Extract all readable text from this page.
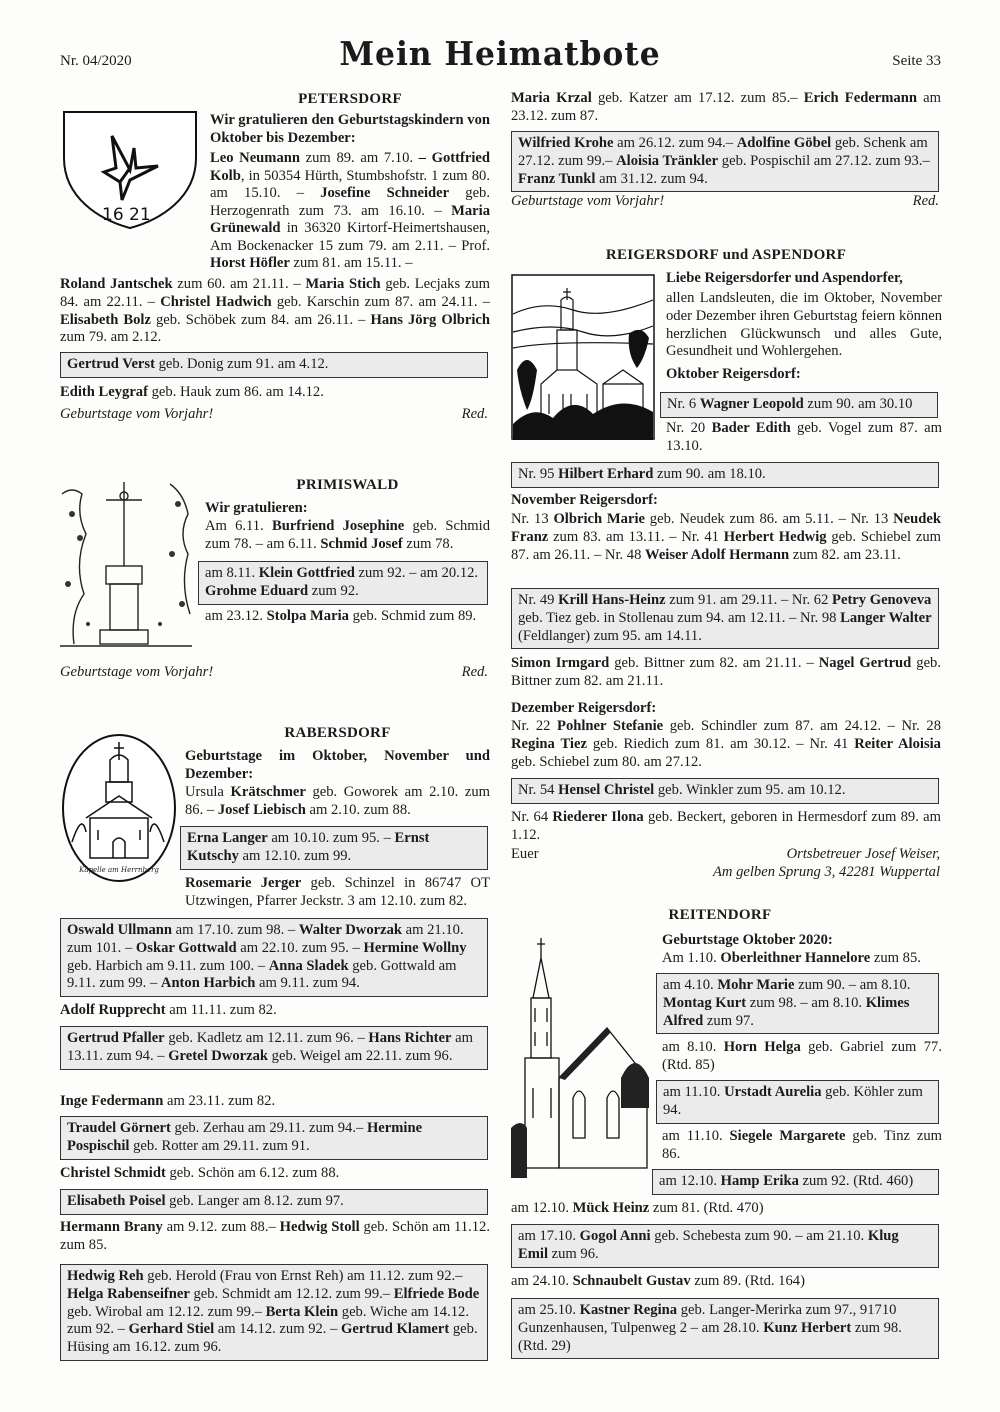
Nr. 04/2020	Mein Heimatbote	Seite 33
16 21
PETERSDORF

Wir gratulieren den Geburtstagskindern von Oktober bis Dezember:

Leo Neumann zum 89. am 7.10. – Gottfried Kolb, in 50354 Hürth, Stumbshofstr. 1 zum 80. am 15.10. – Josefine Schneider geb. Herzogenrath zum 73. am 16.10. – Maria Grünewald in 36320 Kirtorf-Heimertshausen, Am Bockenacker 15 zum 79. am 2.11. – Prof. Horst Höfler zum 81. am 15.11. –

Roland Jantschek zum 60. am 21.11. – Maria Stich geb. Lecjaks zum 84. am 22.11. – Christel Hadwich geb. Karschin zum 87. am 24.11. – Elisabeth Bolz geb. Schöbek zum 84. am 26.11. – Hans Jörg Olbrich zum 79. am 2.12.

Gertrud Verst geb. Donig zum 91. am 4.12.

Edith Leygraf geb. Hauk zum 86. am 14.12.

Geburtstage vom Vorjahr!	Red.
PRIMISWALD

Wir gratulieren:

Am 6.11. Burfriend Josephine geb. Schmid zum 78. – am 6.11. Schmid Josef zum 78.

am 8.11. Klein Gottfried zum 92. – am 20.12. Grohme Eduard zum 92.

am 23.12. Stolpa Maria geb. Schmid zum 89.

Geburtstage vom Vorjahr!	Red.
Kapelle am Herrnberg
RABERSDORF

Geburtstage im Oktober, November und Dezember:

Ursula Krätschmer geb. Goworek am 2.10. zum 86. – Josef Liebisch am 2.10. zum 88.

Erna Langer am 10.10. zum 95. – Ernst Kutschy am 12.10. zum 99.

Rosemarie Jerger geb. Schinzel in 86747 OT Utzwingen, Pfarrer Jeckstr. 3 am 12.10. zum 82.

Oswald Ullmann am 17.10. zum 98. – Walter Dworzak am 21.10. zum 101. – Oskar Gottwald am 22.10. zum 95. – Hermine Wollny geb. Harbich am 9.11. zum 100. – Anna Sladek geb. Gottwald am 9.11. zum 99. – Anton Harbich am 9.11. zum 94.

Adolf Rupprecht am 11.11. zum 82.

Gertrud Pfaller geb. Kadletz am 12.11. zum 96. – Hans Richter am 13.11. zum 94. – Gretel Dworzak geb. Weigel am 22.11. zum 96.

Inge Federmann am 23.11. zum 82.

Traudel Görnert geb. Zerhau am 29.11. zum 94.– Hermine Pospischil geb. Rotter am 29.11. zum 91.

Christel Schmidt geb. Schön am 6.12. zum 88.

Elisabeth Poisel geb. Langer am 8.12. zum 97.

Hermann Brany am 9.12. zum 88.– Hedwig Stoll geb. Schön am 11.12. zum 85.

Hedwig Reh geb. Herold (Frau von Ernst Reh) am 11.12. zum 92.– Helga Rabenseifner geb. Schmidt am 12.12. zum 99.– Elfriede Bode geb. Wirobal am 12.12. zum 99.– Berta Klein geb. Wiche am 14.12. zum 92. – Gerhard Stiel am 14.12. zum 92. – Gertrud Klamert geb. Hüsing am 16.12. zum 96.

Maria Krzal geb. Katzer am 17.12. zum 85.– Erich Federmann am 23.12. zum 87.

Wilfried Krohe am 26.12. zum 94.– Adolfine Göbel geb. Schenk am 27.12. zum 99.– Aloisia Tränkler geb. Pospischil am 27.12. zum 93.– Franz Tunkl am 31.12. zum 94.
Geburtstage vom Vorjahr!	Red.
REIGERSDORF und ASPENDORF

Liebe Reigersdorfer und Aspendorfer,

allen Landsleuten, die im Oktober, November oder Dezember ihren Geburtstag feiern können herzlichen Glückwunsch und alles Gute, Gesundheit und Wohlergehen.

Oktober Reigersdorf:

Nr. 6 Wagner Leopold zum 90. am 30.10

Nr. 20 Bader Edith geb. Vogel zum 87. am 13.10.

Nr. 95 Hilbert Erhard zum 90. am 18.10.

November Reigersdorf:

Nr. 13 Olbrich Marie geb. Neudek zum 86. am 5.11. – Nr. 13 Neudek Franz zum 83. am 13.11. – Nr. 41 Herbert Hedwig geb. Schiebel zum 87. am 26.11. – Nr. 48 Weiser Adolf Hermann zum 82. am 23.11.

Nr. 49 Krill Hans-Heinz zum 91. am 29.11. – Nr. 62 Petry Genoveva geb. Tiez geb. in Stollenau zum 94. am 12.11. – Nr. 98 Langer Walter (Feldlanger) zum 95. am 14.11.

Simon Irmgard geb. Bittner zum 82. am 21.11. – Nagel Gertrud geb. Bittner zum 82. am 21.11.

Dezember Reigersdorf:

Nr. 22 Pohlner Stefanie geb. Schindler zum 87. am 24.12. – Nr. 28 Regina Tiez geb. Riedich zum 81. am 30.12. – Nr. 41 Reiter Aloisia geb. Schiebel zum 80. am 27.12.

Nr. 54 Hensel Christel geb. Winkler zum 95. am 10.12.

Nr. 64 Riederer Ilona geb. Beckert, geboren in Hermesdorf zum 89. am 1.12.

Euer	Ortsbetreuer Josef Weiser,
Am gelben Sprung 3, 42281 Wuppertal
REITENDORF

Geburtstage Oktober 2020:

Am 1.10. Oberleithner Hannelore zum 85.

am 4.10. Mohr Marie zum 90. – am 8.10. Montag Kurt zum 98. – am 8.10. Klimes Alfred zum 97.

am 8.10. Horn Helga geb. Gabriel zum 77. (Rtd. 85)

am 11.10. Urstadt Aurelia geb. Köhler zum 94.

am 11.10. Siegele Margarete geb. Tinz zum 86.

am 12.10. Hamp Erika zum 92. (Rtd. 460)

am 12.10. Mück Heinz zum 81. (Rtd. 470)

am 17.10. Gogol Anni geb. Schebesta zum 90. – am 21.10. Klug Emil zum 96.

am 24.10. Schnaubelt Gustav zum 89. (Rtd. 164)

am 25.10. Kastner Regina geb. Langer-Merirka zum 97., 91710 Gunzenhausen, Tulpenweg 2 – am 28.10. Kunz Herbert zum 98. (Rtd. 29)
